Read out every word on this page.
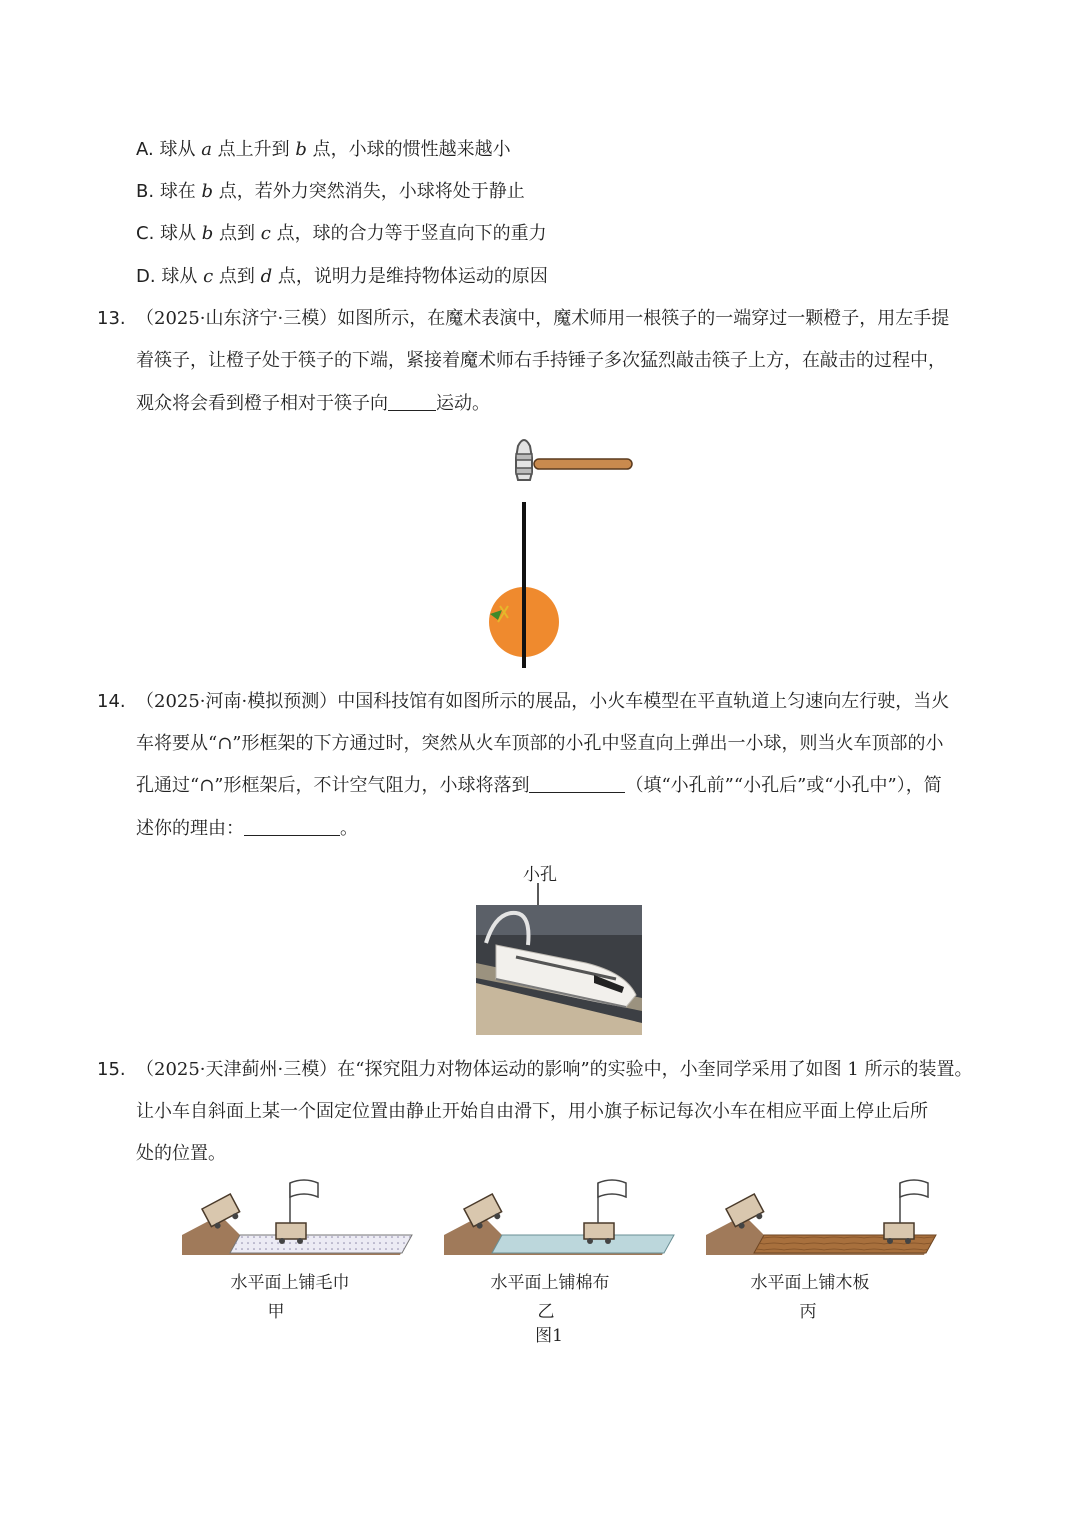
A. 球从 a 点上升到 b 点，小球的惯性越来越小
B. 球在 b 点，若外力突然消失，小球将处于静止
C. 球从 b 点到 c 点，球的合力等于竖直向下的重力
D. 球从 c 点到 d 点，说明力是维持物体运动的原因
13. （2025·山东济宁·三模）如图所示，在魔术表演中，魔术师用一根筷子的一端穿过一颗橙子，用左手提
着筷子，让橙子处于筷子的下端，紧接着魔术师右手持锤子多次猛烈敲击筷子上方，在敲击的过程中，
观众将会看到橙子相对于筷子向	运动。
14. （2025·河南·模拟预测）中国科技馆有如图所示的展品，小火车模型在平直轨道上匀速向左行驶，当火
车将要从“∩”形框架的下方通过时，突然从火车顶部的小孔中竖直向上弹出一小球，则当火车顶部的小
孔通过“∩”形框架后，不计空气阻力，小球将落到	（填“小孔前”“小孔后”或“小孔中”），简
述你的理由：	。
小孔
15. （2025·天津蓟州·三模）在“探究阻力对物体运动的影响”的实验中，小奎同学采用了如图 1 所示的装置。
让小车自斜面上某一个固定位置由静止开始自由滑下，用小旗子标记每次小车在相应平面上停止后所
处的位置。
水平面上铺毛巾	水平面上铺棉布	水平面上铺木板
甲	乙	丙
图1
